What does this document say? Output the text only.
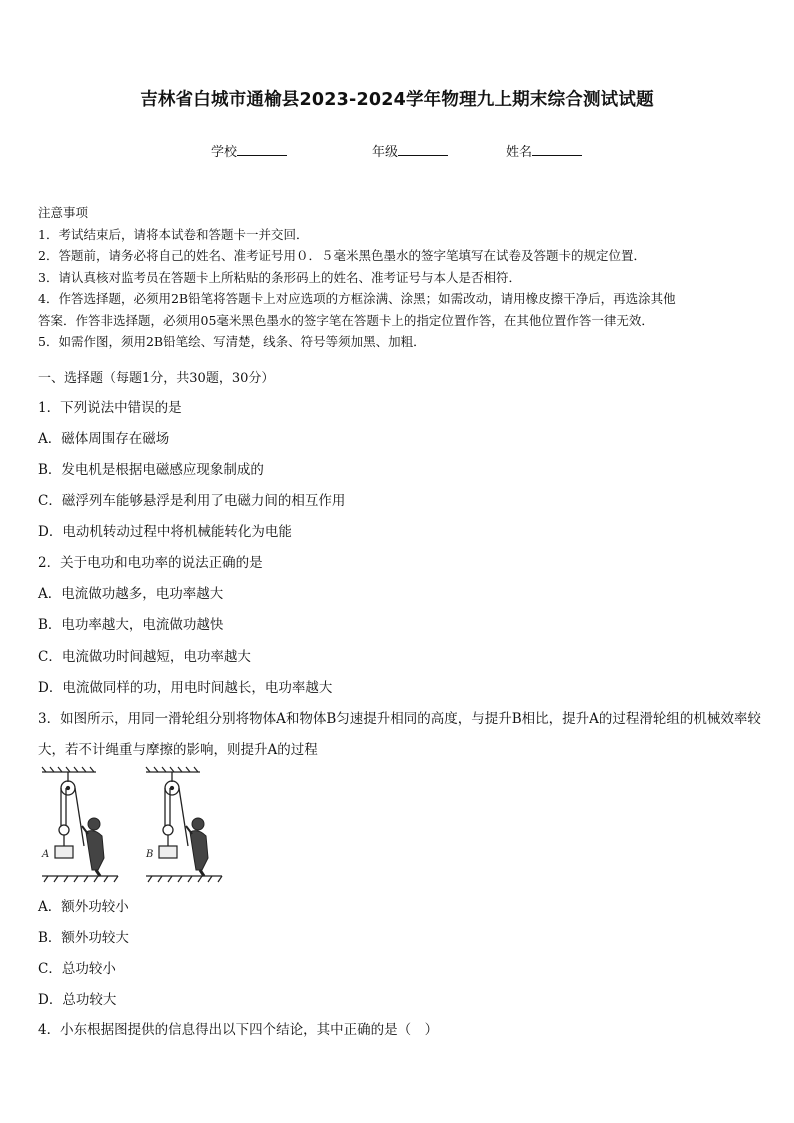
吉林省白城市通榆县2023-2024学年物理九上期末综合测试试题
学校	年级	姓名
注意事项
1．考试结束后，请将本试卷和答题卡一并交回．
2．答题前，请务必将自己的姓名、准考证号用０．５毫米黑色墨水的签字笔填写在试卷及答题卡的规定位置．
3．请认真核对监考员在答题卡上所粘贴的条形码上的姓名、准考证号与本人是否相符．
4．作答选择题，必须用2B铅笔将答题卡上对应选项的方框涂满、涂黑；如需改动，请用橡皮擦干净后，再选涂其他
答案．作答非选择题，必须用05毫米黑色墨水的签字笔在答题卡上的指定位置作答，在其他位置作答一律无效．
5．如需作图，须用2B铅笔绘、写清楚，线条、符号等须加黑、加粗．
一、选择题（每题1分，共30题，30分）
1．下列说法中错误的是
A．磁体周围存在磁场
B．发电机是根据电磁感应现象制成的
C．磁浮列车能够悬浮是利用了电磁力间的相互作用
D．电动机转动过程中将机械能转化为电能
2．关于电功和电功率的说法正确的是
A．电流做功越多，电功率越大
B．电功率越大，电流做功越快
C．电流做功时间越短，电功率越大
D．电流做同样的功，用电时间越长，电功率越大
3．如图所示，用同一滑轮组分别将物体A和物体B匀速提升相同的高度，与提升B相比，提升A的过程滑轮组的机械效率较大，若不计绳重与摩擦的影响，则提升A的过程
A	B
A．额外功较小
B．额外功较大
C．总功较小
D．总功较大
4．小东根据图提供的信息得出以下四个结论，其中正确的是（　）
